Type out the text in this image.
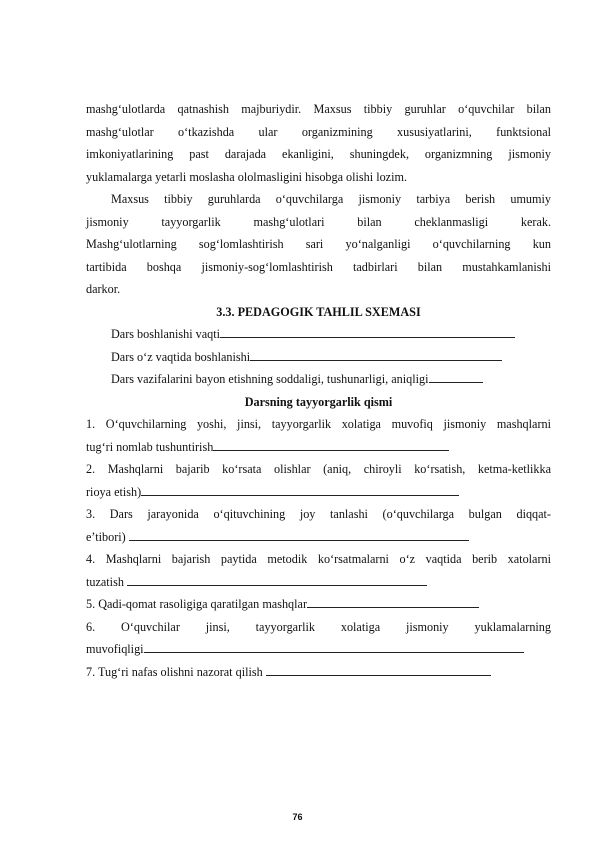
mashg‘ulotlarda qatnashish majburiydir. Maxsus tibbiy guruhlar o‘quvchilar bilan

mashg‘ulotlar o‘tkazishda ular organizmining xususiyatlarini, funktsional

imkoniyatlarining past darajada ekanligini, shuningdek, organizmning jismoniy

yuklamalarga yetarli moslasha ololmasligini hisobga olishi lozim.

Maxsus tibbiy guruhlarda o‘quvchilarga jismoniy tarbiya berish umumiy

jismoniy tayyorgarlik mashg‘ulotlari bilan cheklanmasligi kerak.

Mashg‘ulotlarning sog‘lomlashtirish sari yo‘nalganligi o‘quvchilarning kun

tartibida boshqa jismoniy-sog‘lomlashtirish tadbirlari bilan mustahkamlanishi

darkor.

3.3. PEDAGOGIK TAHLIL SXEMASI
Dars boshlanishi vaqti
Dars o‘z vaqtida boshlanishi
Dars vazifalarini bayon etishning soddaligi, tushunarligi, aniqligi
Darsning tayyorgarlik qismi

1. O‘quvchilarning yoshi, jinsi, tayyorgarlik xolatiga muvofiq jismoniy mashqlarni

tug‘ri nomlab tushuntirish

2. Mashqlarni bajarib ko‘rsata olishlar (aniq, chiroyli ko‘rsatish, ketma-ketlikka

rioya etish)

3. Dars jarayonida o‘qituvchining joy tanlashi (o‘quvchilarga bulgan diqqat-

e’tibori)

4. Mashqlarni bajarish paytida metodik ko‘rsatmalarni o‘z vaqtida berib xatolarni

tuzatish

5. Qadi-qomat rasoligiga qaratilgan mashqlar

6. O‘quvchilar jinsi, tayyorgarlik xolatiga jismoniy yuklamalarning

muvofiqligi

7. Tug‘ri nafas olishni nazorat qilish

76
